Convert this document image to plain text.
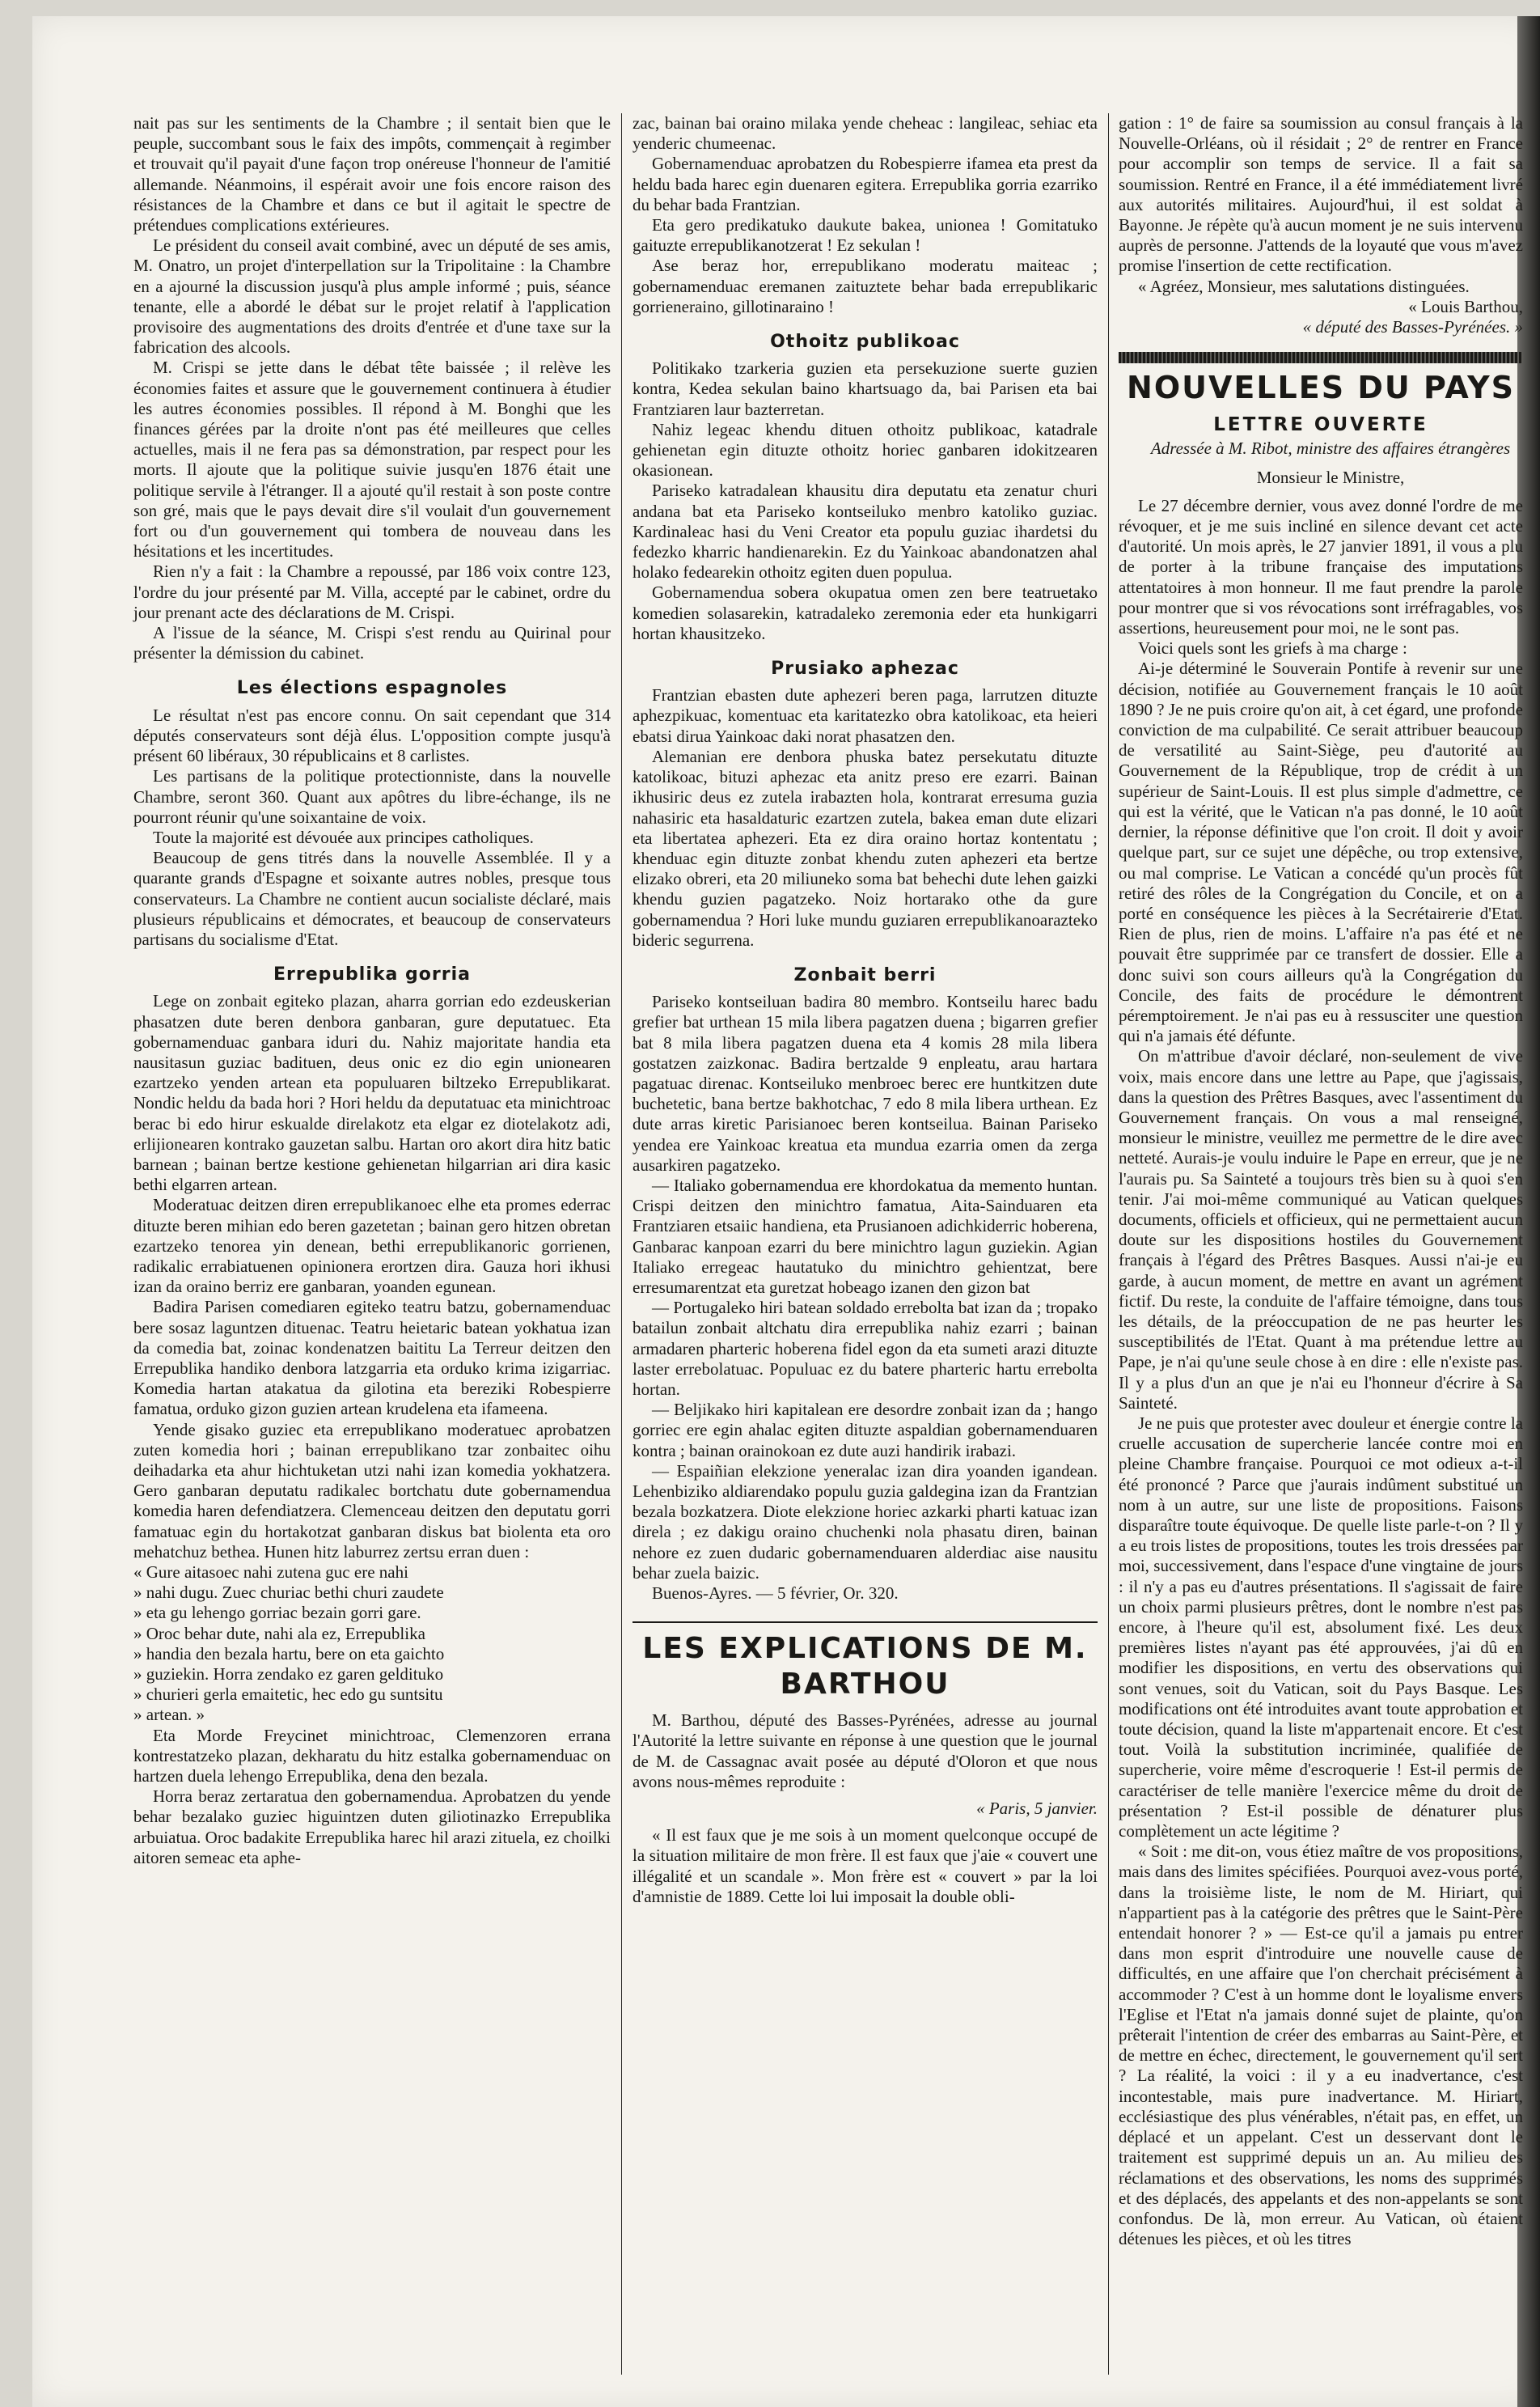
nait pas sur les sentiments de la Chambre ; il sentait bien que le peuple, succombant sous le faix des impôts, commençait à regimber et trouvait qu'il payait d'une façon trop onéreuse l'honneur de l'amitié allemande. Néanmoins, il espérait avoir une fois encore raison des résistances de la Chambre et dans ce but il agitait le spectre de prétendues complications extérieures.

Le président du conseil avait combiné, avec un député de ses amis, M. Onatro, un projet d'interpellation sur la Tripolitaine : la Chambre en a ajourné la discussion jusqu'à plus ample informé ; puis, séance tenante, elle a abordé le débat sur le projet relatif à l'application provisoire des augmentations des droits d'entrée et d'une taxe sur la fabrication des alcools.

M. Crispi se jette dans le débat tête baissée ; il relève les économies faites et assure que le gouvernement continuera à étudier les autres économies possibles. Il répond à M. Bonghi que les finances gérées par la droite n'ont pas été meilleures que celles actuelles, mais il ne fera pas sa démonstration, par respect pour les morts. Il ajoute que la politique suivie jusqu'en 1876 était une politique servile à l'étranger. Il a ajouté qu'il restait à son poste contre son gré, mais que le pays devait dire s'il voulait d'un gouvernement fort ou d'un gouvernement qui tombera de nouveau dans les hésitations et les incertitudes.

Rien n'y a fait : la Chambre a repoussé, par 186 voix contre 123, l'ordre du jour présenté par M. Villa, accepté par le cabinet, ordre du jour prenant acte des déclarations de M. Crispi.

A l'issue de la séance, M. Crispi s'est rendu au Quirinal pour présenter la démission du cabinet.

Les élections espagnoles

Le résultat n'est pas encore connu. On sait cependant que 314 députés conservateurs sont déjà élus. L'opposition compte jusqu'à présent 60 libéraux, 30 républicains et 8 carlistes.

Les partisans de la politique protectionniste, dans la nouvelle Chambre, seront 360. Quant aux apôtres du libre-échange, ils ne pourront réunir qu'une soixantaine de voix.

Toute la majorité est dévouée aux principes catholiques.

Beaucoup de gens titrés dans la nouvelle Assemblée. Il y a quarante grands d'Espagne et soixante autres nobles, presque tous conservateurs. La Chambre ne contient aucun socialiste déclaré, mais plusieurs républicains et démocrates, et beaucoup de conservateurs partisans du socialisme d'Etat.

Errepublika gorria

Lege on zonbait egiteko plazan, aharra gorrian edo ezdeuskerian phasatzen dute beren denbora ganbaran, gure deputatuec. Eta gobernamenduac ganbara iduri du. Nahiz majoritate handia eta nausitasun guziac badituen, deus onic ez dio egin unionearen ezartzeko yenden artean eta populuaren biltzeko Errepublikarat. Nondic heldu da bada hori ? Hori heldu da deputatuac eta minichtroac berac bi edo hirur eskualde direlakotz eta elgar ez diotelakotz adi, erlijionearen kontrako gauzetan salbu. Hartan oro akort dira hitz batic barnean ; bainan bertze kestione gehienetan hilgarrian ari dira kasic bethi elgarren artean.

Moderatuac deitzen diren errepublikanoec elhe eta promes ederrac dituzte beren mihian edo beren gazetetan ; bainan gero hitzen obretan ezartzeko tenorea yin denean, bethi errepublikanoric gorrienen, radikalic errabiatuenen opinionera erortzen dira. Gauza hori ikhusi izan da oraino berriz ere ganbaran, yoanden egunean.

Badira Parisen comediaren egiteko teatru batzu, gobernamenduac bere sosaz laguntzen dituenac. Teatru heietaric batean yokhatua izan da comedia bat, zoinac kondenatzen baititu La Terreur deitzen den Errepublika handiko denbora latzgarria eta orduko krima izigarriac. Komedia hartan atakatua da gilotina eta bereziki Robespierre famatua, orduko gizon guzien artean krudelena eta ifameena.

Yende gisako guziec eta errepublikano moderatuec aprobatzen zuten komedia hori ; bainan errepublikano tzar zonbaitec oihu deihadarka eta ahur hichtuketan utzi nahi izan komedia yokhatzera. Gero ganbaran deputatu radikalec bortchatu dute gobernamendua komedia haren defendiatzera. Clemenceau deitzen den deputatu gorri famatuac egin du hortakotzat ganbaran diskus bat biolenta eta oro mehatchuz bethea. Hunen hitz laburrez zertsu erran duen :

« Gure aitasoec nahi zutena guc ere nahi

» nahi dugu. Zuec churiac bethi churi zaudete

» eta gu lehengo gorriac bezain gorri gare.

» Oroc behar dute, nahi ala ez, Errepublika

» handia den bezala hartu, bere on eta gaichto

» guziekin. Horra zendako ez garen geldituko

» churieri gerla emaitetic, hec edo gu suntsitu

» artean. »

Eta Morde Freycinet minichtroac, Clemenzoren errana kontrestatzeko plazan, dekharatu du hitz estalka gobernamenduac on hartzen duela lehengo Errepublika, dena den bezala.

Horra beraz zertaratua den gobernamendua. Aprobatzen du yende behar bezalako guziec higuintzen duten giliotinazko Errepublika arbuiatua. Oroc badakite Errepublika harec hil arazi zituela, ez choilki aitoren semeac eta aphe-

zac, bainan bai oraino milaka yende cheheac : langileac, sehiac eta yenderic chumeenac.

Gobernamenduac aprobatzen du Robespierre ifamea eta prest da heldu bada harec egin duenaren egitera. Errepublika gorria ezarriko du behar bada Frantzian.

Eta gero predikatuko daukute bakea, unionea ! Gomitatuko gaituzte errepublikanotzerat ! Ez sekulan !

Ase beraz hor, errepublikano moderatu maiteac ; gobernamenduac eremanen zaituztete behar bada errepublikaric gorrieneraino, gillotinaraino !

Othoitz publikoac

Politikako tzarkeria guzien eta persekuzione suerte guzien kontra, Kedea sekulan baino khartsuago da, bai Parisen eta bai Frantziaren laur bazterretan.

Nahiz legeac khendu dituen othoitz publikoac, katadrale gehienetan egin dituzte othoitz horiec ganbaren idokitzearen okasionean.

Pariseko katradalean khausitu dira deputatu eta zenatur churi andana bat eta Pariseko kontseiluko menbro katoliko guziac. Kardinaleac hasi du Veni Creator eta populu guziac ihardetsi du fedezko kharric handienarekin. Ez du Yainkoac abandonatzen ahal holako fedearekin othoitz egiten duen populua.

Gobernamendua sobera okupatua omen zen bere teatruetako komedien solasarekin, katradaleko zeremonia eder eta hunkigarri hortan khausitzeko.

Prusiako aphezac

Frantzian ebasten dute aphezeri beren paga, larrutzen dituzte aphezpikuac, komentuac eta karitatezko obra katolikoac, eta heieri ebatsi dirua Yainkoac daki norat phasatzen den.

Alemanian ere denbora phuska batez persekutatu dituzte katolikoac, bituzi aphezac eta anitz preso ere ezarri. Bainan ikhusiric deus ez zutela irabazten hola, kontrarat erresuma guzia nahasiric eta hasaldaturic ezartzen zutela, bakea eman dute elizari eta libertatea aphezeri. Eta ez dira oraino hortaz kontentatu ; khenduac egin dituzte zonbat khendu zuten aphezeri eta bertze elizako obreri, eta 20 miliuneko soma bat behechi dute lehen gaizki khendu guzien pagatzeko. Noiz hortarako othe da gure gobernamendua ? Hori luke mundu guziaren errepublikanoarazteko bideric segurrena.

Zonbait berri

Pariseko kontseiluan badira 80 membro. Kontseilu harec badu grefier bat urthean 15 mila libera pagatzen duena ; bigarren grefier bat 8 mila libera pagatzen duena eta 4 komis 28 mila libera gostatzen zaizkonac. Badira bertzalde 9 enpleatu, arau hartara pagatuac direnac. Kontseiluko menbroec berec ere huntkitzen dute buchetetic, bana bertze bakhotchac, 7 edo 8 mila libera urthean. Ez dute arras kiretic Parisianoec beren kontseilua. Bainan Pariseko yendea ere Yainkoac kreatua eta mundua ezarria omen da zerga ausarkiren pagatzeko.

— Italiako gobernamendua ere khordokatua da memento huntan. Crispi deitzen den minichtro famatua, Aita-Sainduaren eta Frantziaren etsaiic handiena, eta Prusianoen adichkiderric hoberena, Ganbarac kanpoan ezarri du bere minichtro lagun guziekin. Agian Italiako erregeac hautatuko du minichtro gehientzat, bere erresumarentzat eta guretzat hobeago izanen den gizon bat

— Portugaleko hiri batean soldado errebolta bat izan da ; tropako batailun zonbait altchatu dira errepublika nahiz ezarri ; bainan armadaren pharteric hoberena fidel egon da eta sumeti arazi dituzte laster errebolatuac. Populuac ez du batere pharteric hartu errebolta hortan.

— Beljikako hiri kapitalean ere desordre zonbait izan da ; hango gorriec ere egin ahalac egiten dituzte aspaldian gobernamenduaren kontra ; bainan orainokoan ez dute auzi handirik irabazi.

— Espaiñian elekzione yeneralac izan dira yoanden igandean. Lehenbiziko aldiarendako populu guzia galdegina izan da Frantzian bezala bozkatzera. Diote elekzione horiec azkarki pharti katuac izan direla ; ez dakigu oraino chuchenki nola phasatu diren, bainan nehore ez zuen dudaric gobernamenduaren alderdiac aise nausitu behar zuela baizic.

Buenos-Ayres. — 5 février, Or. 320.

LES EXPLICATIONS DE M. BARTHOU

M. Barthou, député des Basses-Pyrénées, adresse au journal l'Autorité la lettre suivante en réponse à une question que le journal de M. de Cassagnac avait posée au député d'Oloron et que nous avons nous-mêmes reproduite :

« Paris, 5 janvier.

« Il est faux que je me sois à un moment quelconque occupé de la situation militaire de mon frère. Il est faux que j'aie « couvert une illégalité et un scandale ». Mon frère est « couvert » par la loi d'amnistie de 1889. Cette loi lui imposait la double obli-

gation : 1° de faire sa soumission au consul français à la Nouvelle-Orléans, où il résidait ; 2° de rentrer en France pour accomplir son temps de service. Il a fait sa soumission. Rentré en France, il a été immédiatement livré aux autorités militaires. Aujourd'hui, il est soldat à Bayonne. Je répète qu'à aucun moment je ne suis intervenu auprès de personne. J'attends de la loyauté que vous m'avez promise l'insertion de cette rectification.

« Agréez, Monsieur, mes salutations distinguées.

« Louis Barthou,

« député des Basses-Pyrénées. »

NOUVELLES DU PAYS
LETTRE OUVERTE

Adressée à M. Ribot, ministre des affaires étrangères

Monsieur le Ministre,

Le 27 décembre dernier, vous avez donné l'ordre de me révoquer, et je me suis incliné en silence devant cet acte d'autorité. Un mois après, le 27 janvier 1891, il vous a plu de porter à la tribune française des imputations attentatoires à mon honneur. Il me faut prendre la parole pour montrer que si vos révocations sont irréfragables, vos assertions, heureusement pour moi, ne le sont pas.

Voici quels sont les griefs à ma charge :

Ai-je déterminé le Souverain Pontife à revenir sur une décision, notifiée au Gouvernement français le 10 août 1890 ? Je ne puis croire qu'on ait, à cet égard, une profonde conviction de ma culpabilité. Ce serait attribuer beaucoup de versatilité au Saint-Siège, peu d'autorité au Gouvernement de la République, trop de crédit à un supérieur de Saint-Louis. Il est plus simple d'admettre, ce qui est la vérité, que le Vatican n'a pas donné, le 10 août dernier, la réponse définitive que l'on croit. Il doit y avoir quelque part, sur ce sujet une dépêche, ou trop extensive, ou mal comprise. Le Vatican a concédé qu'un procès fût retiré des rôles de la Congrégation du Concile, et on a porté en conséquence les pièces à la Secrétairerie d'Etat. Rien de plus, rien de moins. L'affaire n'a pas été et ne pouvait être supprimée par ce transfert de dossier. Elle a donc suivi son cours ailleurs qu'à la Congrégation du Concile, des faits de procédure le démontrent péremptoirement. Je n'ai pas eu à ressusciter une question qui n'a jamais été défunte.

On m'attribue d'avoir déclaré, non-seulement de vive voix, mais encore dans une lettre au Pape, que j'agissais, dans la question des Prêtres Basques, avec l'assentiment du Gouvernement français. On vous a mal renseigné, monsieur le ministre, veuillez me permettre de le dire avec netteté. Aurais-je voulu induire le Pape en erreur, que je ne l'aurais pu. Sa Sainteté a toujours très bien su à quoi s'en tenir. J'ai moi-même communiqué au Vatican quelques documents, officiels et officieux, qui ne permettaient aucun doute sur les dispositions hostiles du Gouvernement français à l'égard des Prêtres Basques. Aussi n'ai-je eu garde, à aucun moment, de mettre en avant un agrément fictif. Du reste, la conduite de l'affaire témoigne, dans tous les détails, de la préoccupation de ne pas heurter les susceptibilités de l'Etat. Quant à ma prétendue lettre au Pape, je n'ai qu'une seule chose à en dire : elle n'existe pas. Il y a plus d'un an que je n'ai eu l'honneur d'écrire à Sa Sainteté.

Je ne puis que protester avec douleur et énergie contre la cruelle accusation de supercherie lancée contre moi en pleine Chambre française. Pourquoi ce mot odieux a-t-il été prononcé ? Parce que j'aurais indûment substitué un nom à un autre, sur une liste de propositions. Faisons disparaître toute équivoque. De quelle liste parle-t-on ? Il y a eu trois listes de propositions, toutes les trois dressées par moi, successivement, dans l'espace d'une vingtaine de jours : il n'y a pas eu d'autres présentations. Il s'agissait de faire un choix parmi plusieurs prêtres, dont le nombre n'est pas encore, à l'heure qu'il est, absolument fixé. Les deux premières listes n'ayant pas été approuvées, j'ai dû en modifier les dispositions, en vertu des observations qui sont venues, soit du Vatican, soit du Pays Basque. Les modifications ont été introduites avant toute approbation et toute décision, quand la liste m'appartenait encore. Et c'est tout. Voilà la substitution incriminée, qualifiée de supercherie, voire même d'escroquerie ! Est-il permis de caractériser de telle manière l'exercice même du droit de présentation ? Est-il possible de dénaturer plus complètement un acte légitime ?

« Soit : me dit-on, vous étiez maître de vos propositions, mais dans des limites spécifiées. Pourquoi avez-vous porté, dans la troisième liste, le nom de M. Hiriart, qui n'appartient pas à la catégorie des prêtres que le Saint-Père entendait honorer ? » — Est-ce qu'il a jamais pu entrer dans mon esprit d'introduire une nouvelle cause de difficultés, en une affaire que l'on cherchait précisément à accommoder ? C'est à un homme dont le loyalisme envers l'Eglise et l'Etat n'a jamais donné sujet de plainte, qu'on prêterait l'intention de créer des embarras au Saint-Père, et de mettre en échec, directement, le gouvernement qu'il sert ? La réalité, la voici : il y a eu inadvertance, c'est incontestable, mais pure inadvertance. M. Hiriart, ecclésiastique des plus vénérables, n'était pas, en effet, un déplacé et un appelant. C'est un desservant dont le traitement est supprimé depuis un an. Au milieu des réclamations et des observations, les noms des supprimés et des déplacés, des appelants et des non-appelants se sont confondus. De là, mon erreur. Au Vatican, où étaient détenues les pièces, et où les titres
